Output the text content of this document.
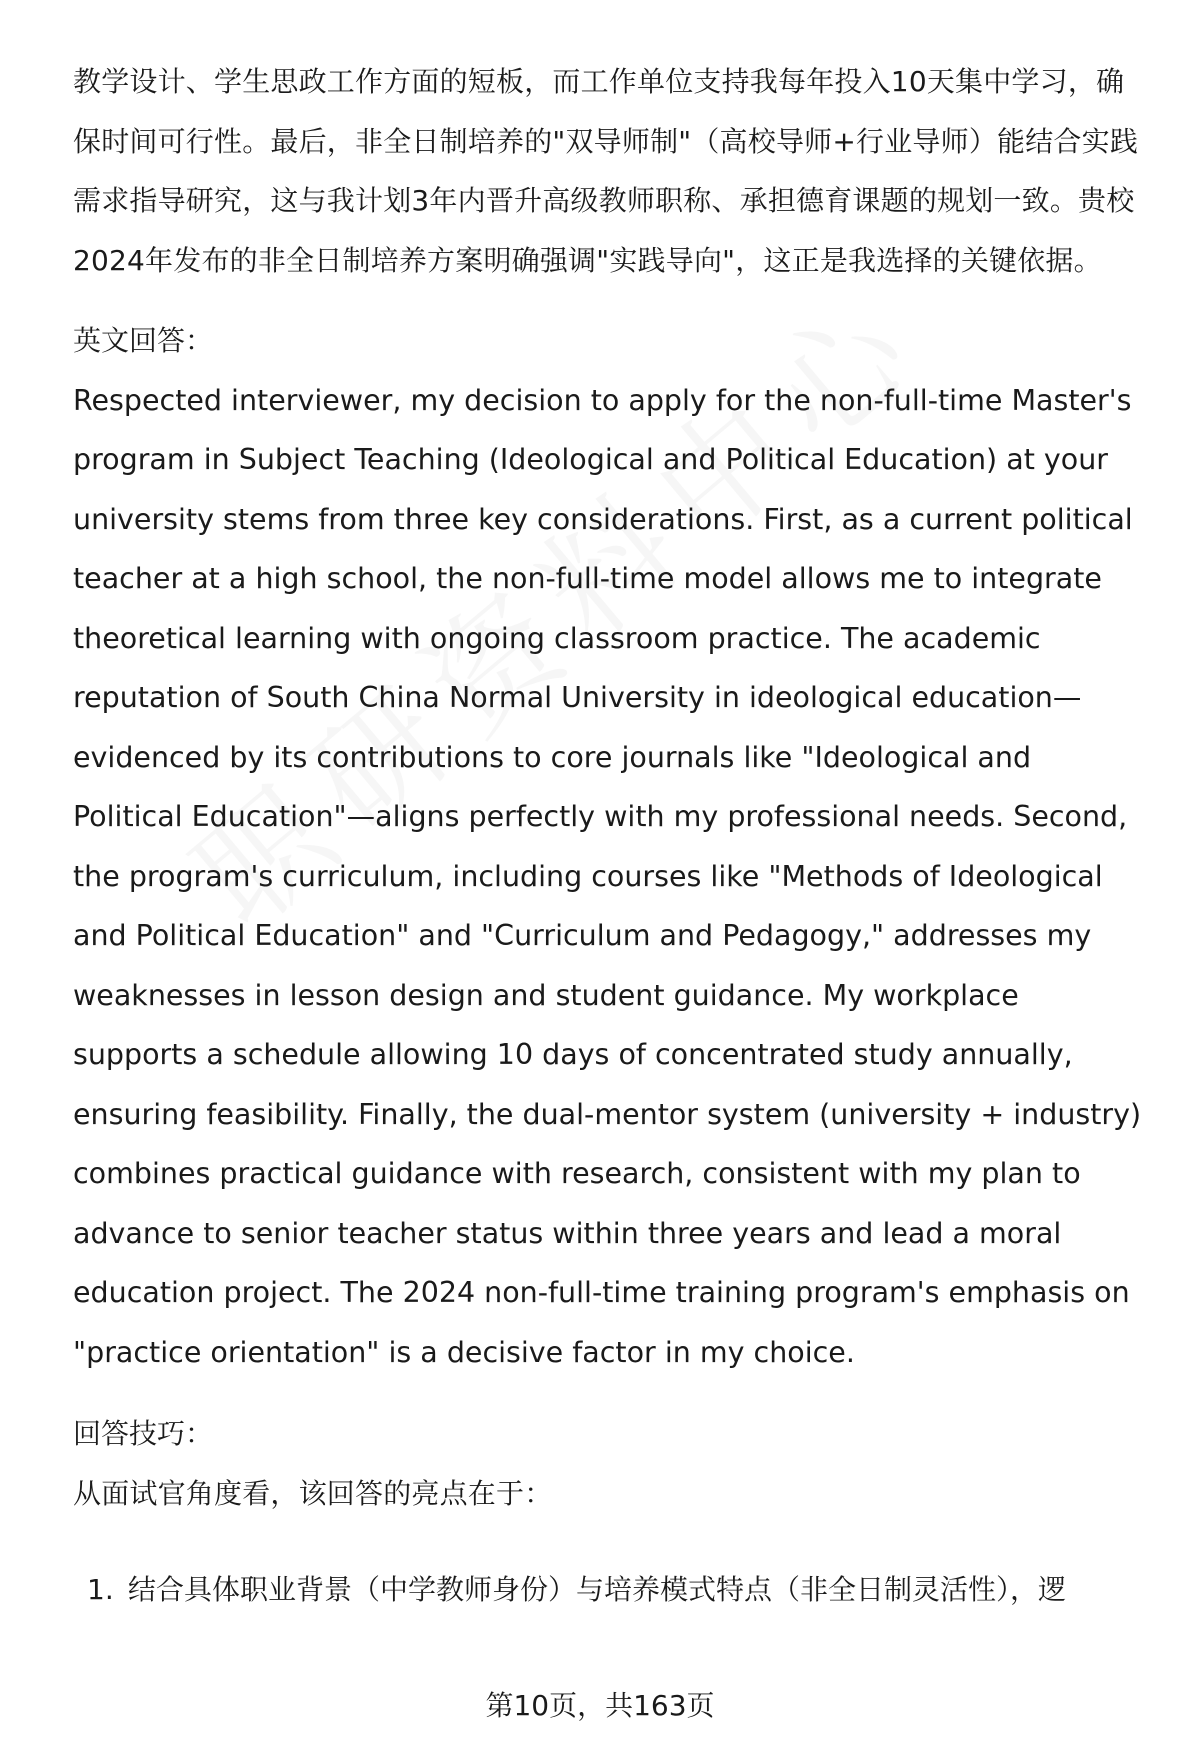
教学设计、学生思政工作方面的短板，而工作单位支持我每年投入10天集中学习，确保时间可行性。最后，非全日制培养的"双导师制"（高校导师+行业导师）能结合实践需求指导研究，这与我计划3年内晋升高级教师职称、承担德育课题的规划一致。贵校2024年发布的非全日制培养方案明确强调"实践导向"，这正是我选择的关键依据。

英文回答：

Respected interviewer, my decision to apply for the non-full-time Master's program in Subject Teaching (Ideological and Political Education) at your university stems from three key considerations. First, as a current political teacher at a high school, the non-full-time model allows me to integrate theoretical learning with ongoing classroom practice. The academic reputation of South China Normal University in ideological education—evidenced by its contributions to core journals like "Ideological and Political Education"—aligns perfectly with my professional needs. Second, the program's curriculum, including courses like "Methods of Ideological and Political Education" and "Curriculum and Pedagogy," addresses my weaknesses in lesson design and student guidance. My workplace supports a schedule allowing 10 days of concentrated study annually, ensuring feasibility. Finally, the dual-mentor system (university + industry) combines practical guidance with research, consistent with my plan to advance to senior teacher status within three years and lead a moral education project. The 2024 non-full-time training program's emphasis on "practice orientation" is a decisive factor in my choice.

回答技巧：

从面试官角度看，该回答的亮点在于：

1. 结合具体职业背景（中学教师身份）与培养模式特点（非全日制灵活性），逻
第10页，共163页
